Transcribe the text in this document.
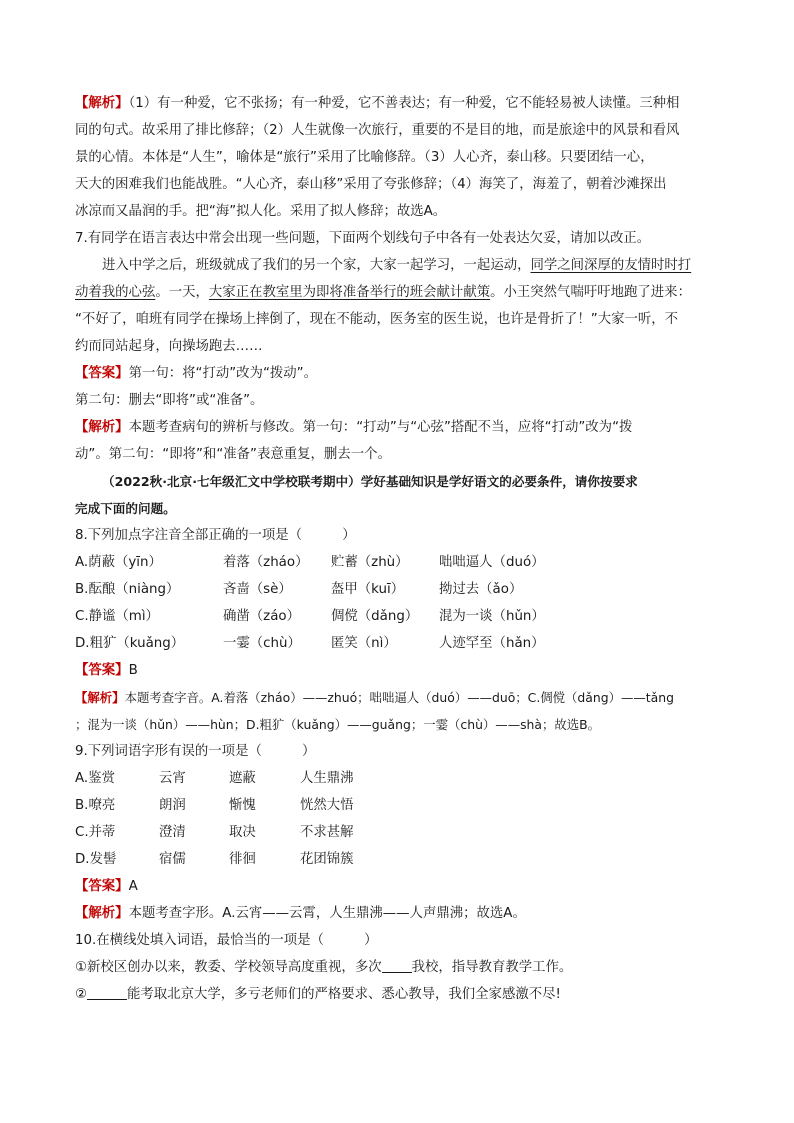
【解析】（1）有一种爱，它不张扬；有一种爱，它不善表达；有一种爱，它不能轻易被人读懂。三种相
同的句式。故采用了排比修辞；（2）人生就像一次旅行，重要的不是目的地，而是旅途中的风景和看风
景的心情。本体是“人生”，喻体是“旅行”采用了比喻修辞。（3）人心齐，泰山移。只要团结一心，
天大的困难我们也能战胜。“人心齐，泰山移”采用了夸张修辞；（4）海笑了，海羞了，朝着沙滩探出
冰凉而又晶润的手。把“海”拟人化。采用了拟人修辞；故选A。
7.有同学在语言表达中常会出现一些问题，下面两个划线句子中各有一处表达欠妥，请加以改正。
进入中学之后，班级就成了我们的另一个家，大家一起学习，一起运动，同学之间深厚的友情时时打
动着我的心弦。一天，大家正在教室里为即将准备举行的班会献计献策。小王突然气喘吁吁地跑了进来：
“不好了，咱班有同学在操场上摔倒了，现在不能动，医务室的医生说，也许是骨折了！”大家一听，不
约而同站起身，向操场跑去……
【答案】第一句：将“打动”改为“拨动”。
第二句：删去“即将”或“准备”。
【解析】本题考查病句的辨析与修改。第一句：“打动”与“心弦”搭配不当，应将“打动”改为“拨
动”。第二句：“即将”和“准备”表意重复，删去一个。
（2022秋·北京·七年级汇文中学校联考期中）学好基础知识是学好语文的必要条件，请你按要求
完成下面的问题。
8.下列加点字注音全部正确的一项是（　　　）
A.荫蔽（yīn）	着落（zháo）	贮蓄（zhù）	咄咄逼人（duó）
B.酝酿（niàng）	吝啬（sè）	盔甲（kuī）	拗过去（ǎo）
C.静谧（mì）	确凿（záo）	倜傥（dǎng）	混为一谈（hǔn）
D.粗犷（kuǎng）	一霎（chù）	匿笑（nì）	人迹罕至（hǎn）
【答案】B
【解析】本题考查字音。A.着落（zháo）——zhuó；咄咄逼人（duó）——duō；C.倜傥（dǎng）——tǎng
；混为一谈（hǔn）——hùn；D.粗犷（kuǎng）——guǎng；一霎（chù）——shà；故选B。
9.下列词语字形有误的一项是（　　　）
A.鉴赏	云宵	遮蔽	人生鼎沸
B.嘹亮	朗润	惭愧	恍然大悟
C.并蒂	澄清	取决	不求甚解
D.发髻	宿儒	徘徊	花团锦簇
【答案】A
【解析】本题考查字形。A.云宵——云霄，人生鼎沸——人声鼎沸；故选A。
10.在横线处填入词语，最恰当的一项是（　　　）
①新校区创办以来，教委、学校领导高度重视，多次 我校，指导教育教学工作。
②	能考取北京大学，多亏老师们的严格要求、悉心教导，我们全家感激不尽!
